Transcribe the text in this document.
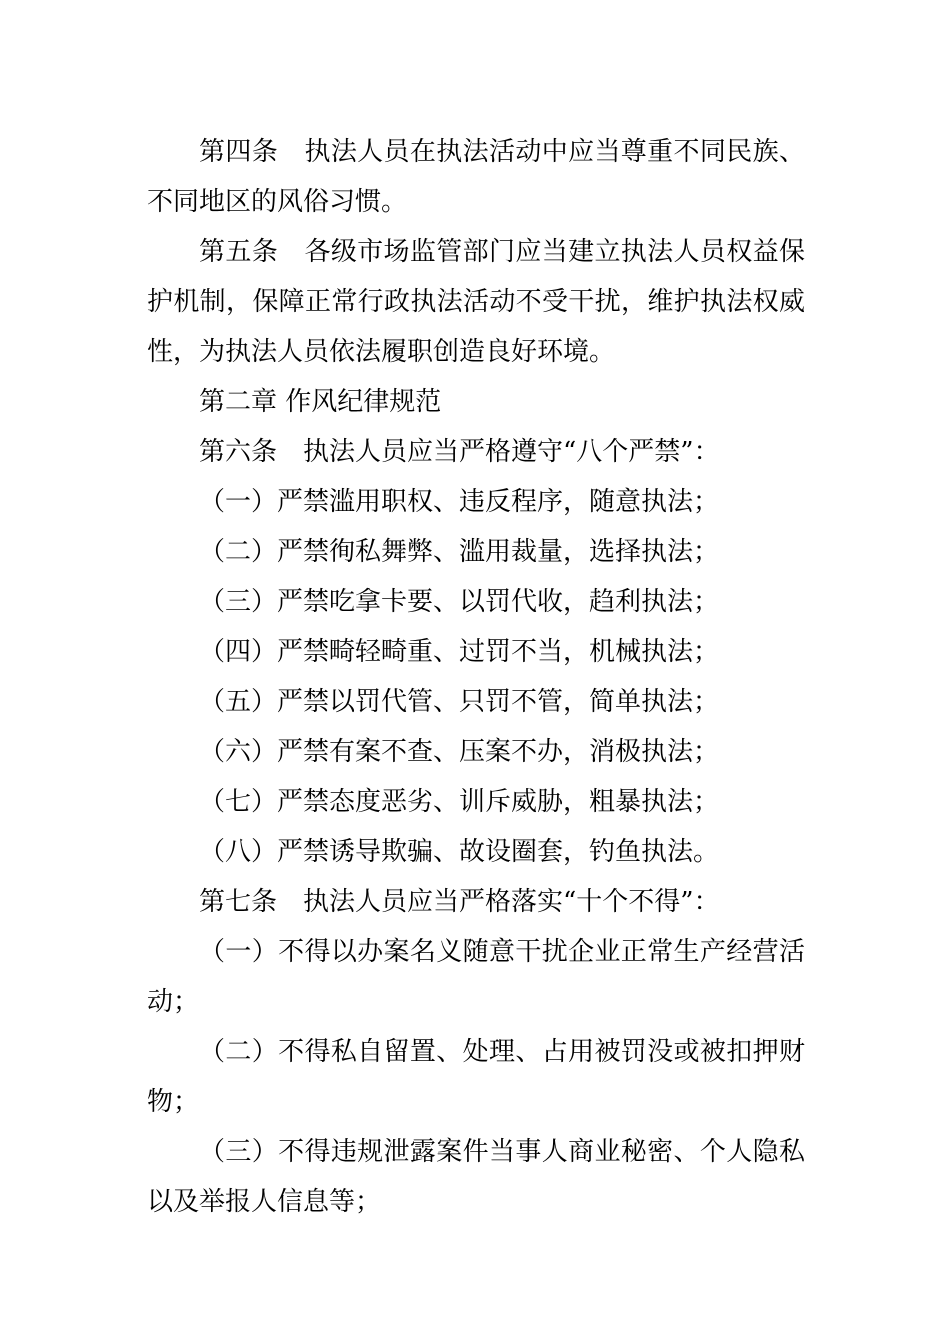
第四条　执法人员在执法活动中应当尊重不同民族、
不同地区的风俗习惯。
第五条　各级市场监管部门应当建立执法人员权益保
护机制，保障正常行政执法活动不受干扰，维护执法权威
性，为执法人员依法履职创造良好环境。
第二章 作风纪律规范
第六条　执法人员应当严格遵守“八个严禁”：
（一）严禁滥用职权、违反程序，随意执法；
（二）严禁徇私舞弊、滥用裁量，选择执法；
（三）严禁吃拿卡要、以罚代收，趋利执法；
（四）严禁畸轻畸重、过罚不当，机械执法；
（五）严禁以罚代管、只罚不管，简单执法；
（六）严禁有案不查、压案不办，消极执法；
（七）严禁态度恶劣、训斥威胁，粗暴执法；
（八）严禁诱导欺骗、故设圈套，钓鱼执法。
第七条　执法人员应当严格落实“十个不得”：
（一）不得以办案名义随意干扰企业正常生产经营活
动；
（二）不得私自留置、处理、占用被罚没或被扣押财
物；
（三）不得违规泄露案件当事人商业秘密、个人隐私
以及举报人信息等；
